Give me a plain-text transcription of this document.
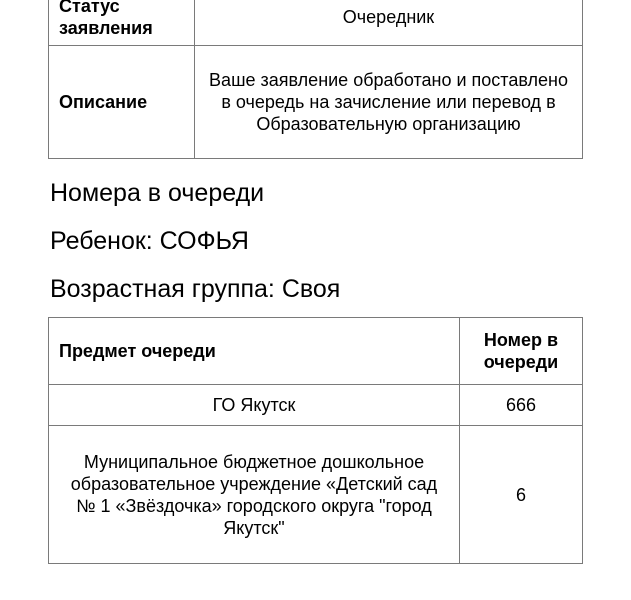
Статус заявления	Очередник
Описание	Ваше заявление обработано и поставлено в очередь на зачисление или перевод в Образовательную организацию
Номера в очереди
Ребенок: СОФЬЯ
Возрастная группа: Своя
Предмет очереди	Номер в очереди
ГО Якутск	666
Муниципальное бюджетное дошкольное образовательное учреждение «Детский сад № 1 «Звёздочка» городского округа "город Якутск"	6
